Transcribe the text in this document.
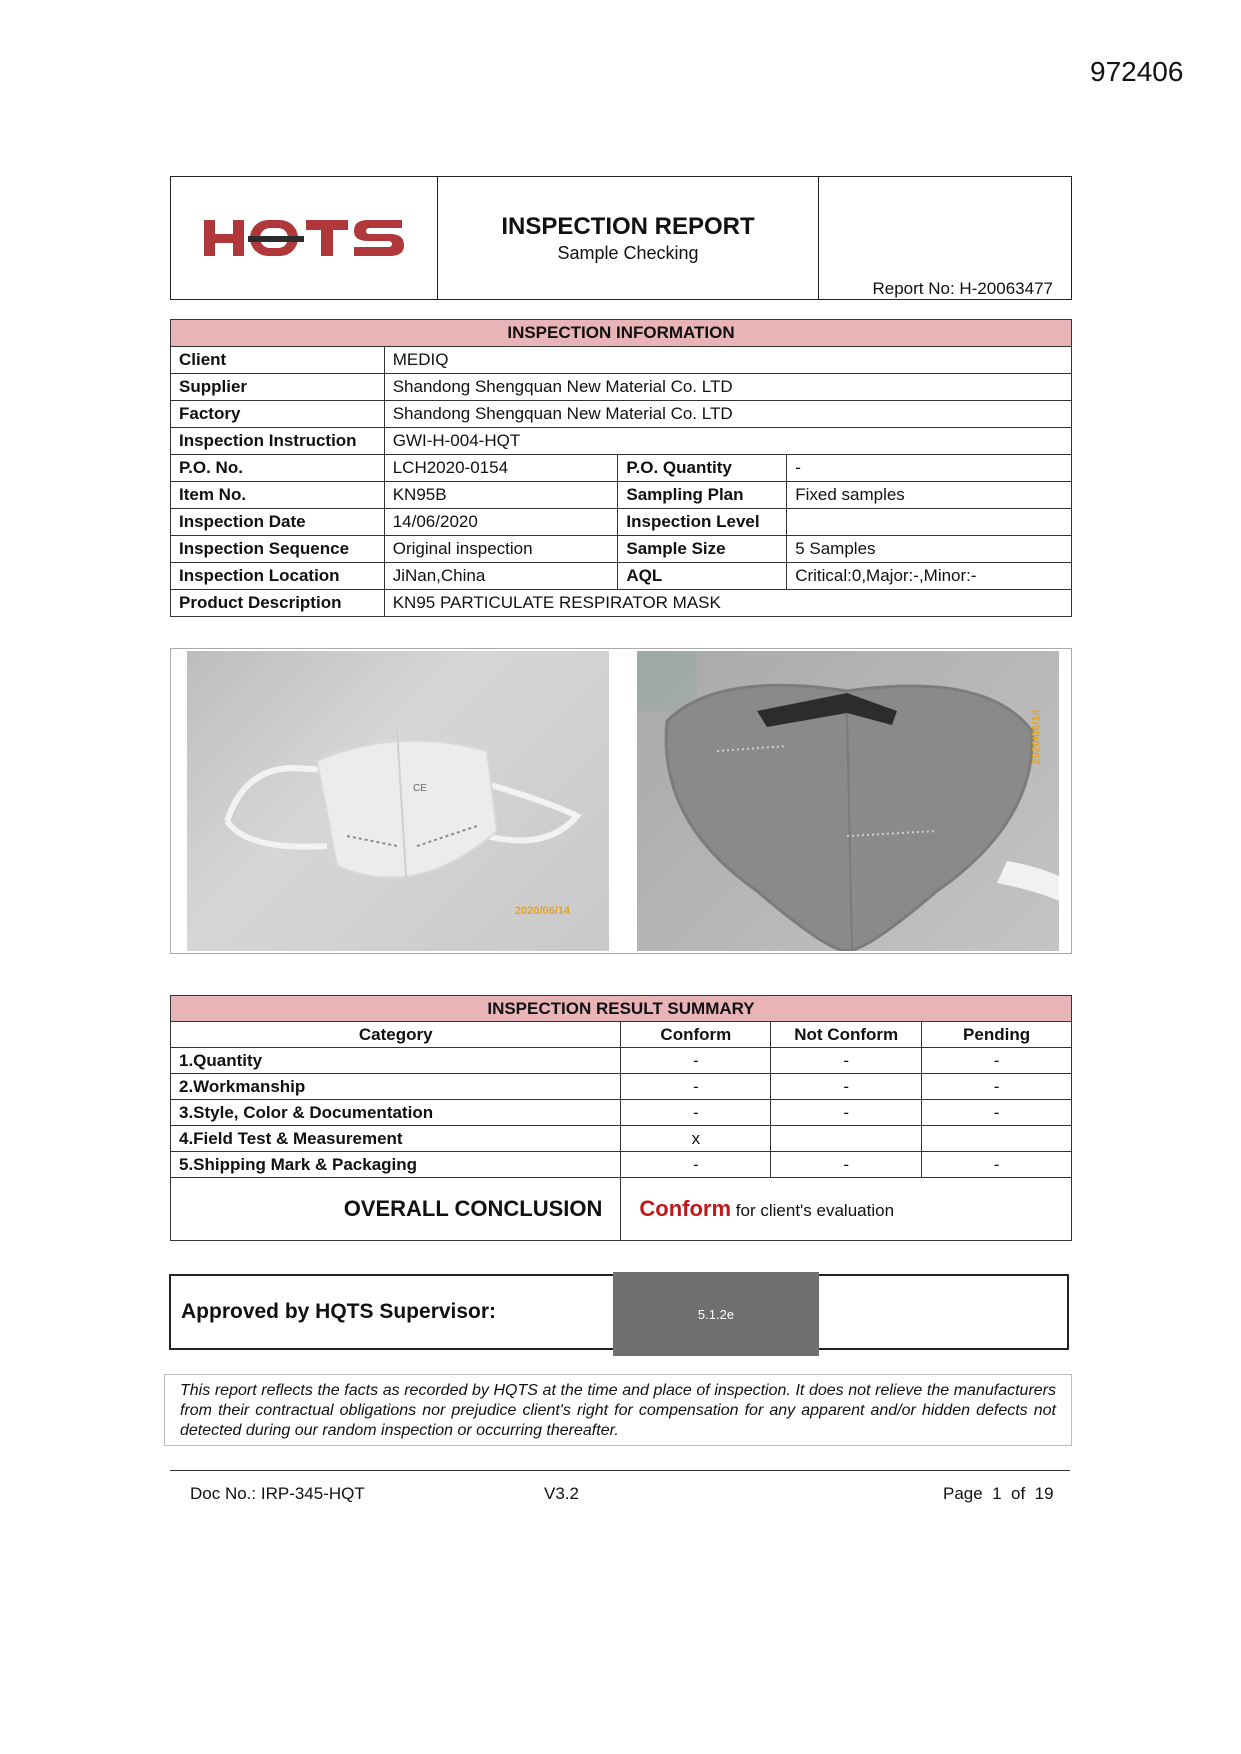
972406
INSPECTION REPORT
Sample Checking
Report No: H-20063477
INSPECTION INFORMATION			
Client	MEDIQ		
Supplier	Shandong Shengquan New Material Co. LTD		
Factory	Shandong Shengquan New Material Co. LTD		
Inspection Instruction	GWI-H-004-HQT		
P.O. No.	LCH2020-0154	P.O. Quantity	-
Item No.	KN95B	Sampling Plan	Fixed samples
Inspection Date	14/06/2020	Inspection Level	
Inspection Sequence	Original inspection	Sample Size	5 Samples
Inspection Location	JiNan,China	AQL	Critical:0,Major:-,Minor:-
Product Description	KN95 PARTICULATE RESPIRATOR MASK		
CE
2020/06/14
2020/06/14
INSPECTION RESULT SUMMARY			
Category	Conform	Not Conform	Pending
1.Quantity	-	-	-
2.Workmanship	-	-	-
3.Style, Color & Documentation	-	-	-
4.Field Test & Measurement	x		
5.Shipping Mark & Packaging	-	-	-
OVERALL CONCLUSION	Conform for client's evaluation		
Approved by HQTS Supervisor:	5.1.2e
This report reflects the facts as recorded by HQTS at the time and place of inspection. It does not relieve the manufacturers from their contractual obligations nor prejudice client's right for compensation for any apparent and/or hidden defects not detected during our random inspection or occurring thereafter.
Doc No.: IRP-345-HQT	V3.2	Page  1  of  19
